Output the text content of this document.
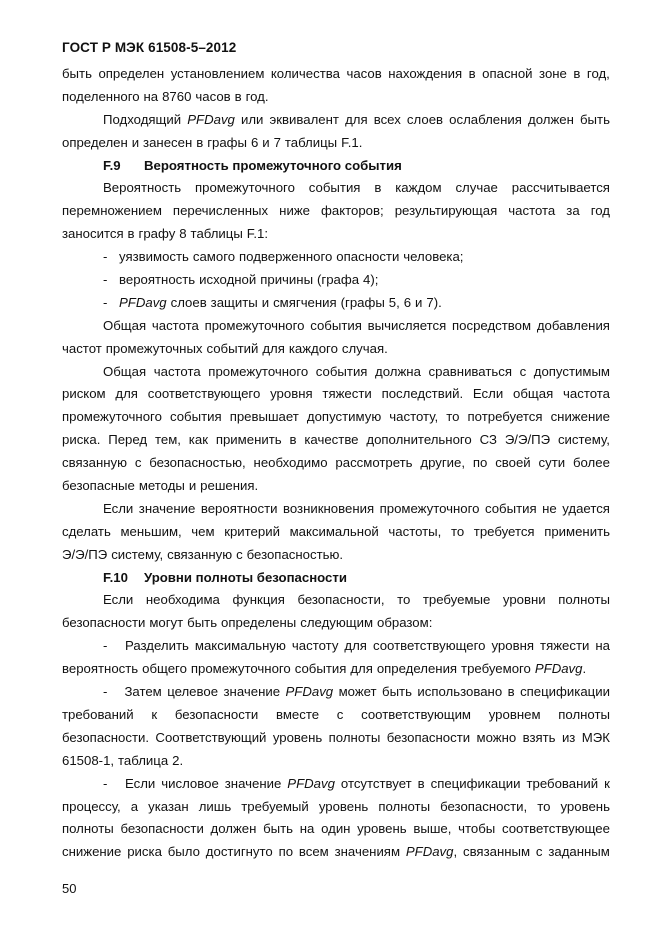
ГОСТ Р МЭК 61508-5–2012
быть определен установлением количества часов нахождения в опасной зоне в год,
поделенного на 8760 часов в год.
Подходящий PFDavg или эквивалент для всех слоев ослабления должен быть
определен и занесен в графы 6 и 7 таблицы F.1.
F.9	Вероятность промежуточного события
Вероятность промежуточного события в каждом случае рассчитывается
перемножением перечисленных ниже факторов; результирующая частота за год
заносится в графу 8 таблицы F.1:
- уязвимость самого подверженного опасности человека;
- вероятность исходной причины (графа 4);
- PFDavg слоев защиты и смягчения (графы 5, 6 и 7).
Общая частота промежуточного события вычисляется посредством добавления
частот промежуточных событий для каждого случая.
Общая частота промежуточного события должна сравниваться с допустимым
риском для соответствующего уровня тяжести последствий. Если общая частота
промежуточного события превышает допустимую частоту, то потребуется снижение
риска. Перед тем, как применить в качестве дополнительного СЗ Э/Э/ПЭ систему,
связанную с безопасностью, необходимо рассмотреть другие, по своей сути более
безопасные методы и решения.
Если значение вероятности возникновения промежуточного события не удается
сделать меньшим, чем критерий максимальной частоты, то требуется применить
Э/Э/ПЭ систему, связанную с безопасностью.
F.10	Уровни полноты безопасности
Если необходима функция безопасности, то требуемые уровни полноты
безопасности могут быть определены следующим образом:
-	Разделить максимальную частоту для соответствующего уровня тяжести на
вероятность общего промежуточного события для определения требуемого PFDavg.
-	Затем целевое значение PFDavg может быть использовано в спецификации
требований к безопасности вместе с соответствующим уровнем полноты
безопасности. Соответствующий уровень полноты безопасности можно взять из МЭК
61508-1, таблица 2.
-	Если числовое значение PFDavg отсутствует в спецификации требований к
процессу, а указан лишь требуемый уровень полноты безопасности, то уровень
полноты безопасности должен быть на один уровень выше, чтобы соответствующее
снижение риска было достигнуто по всем значениям PFDavg, связанным с заданным
50
